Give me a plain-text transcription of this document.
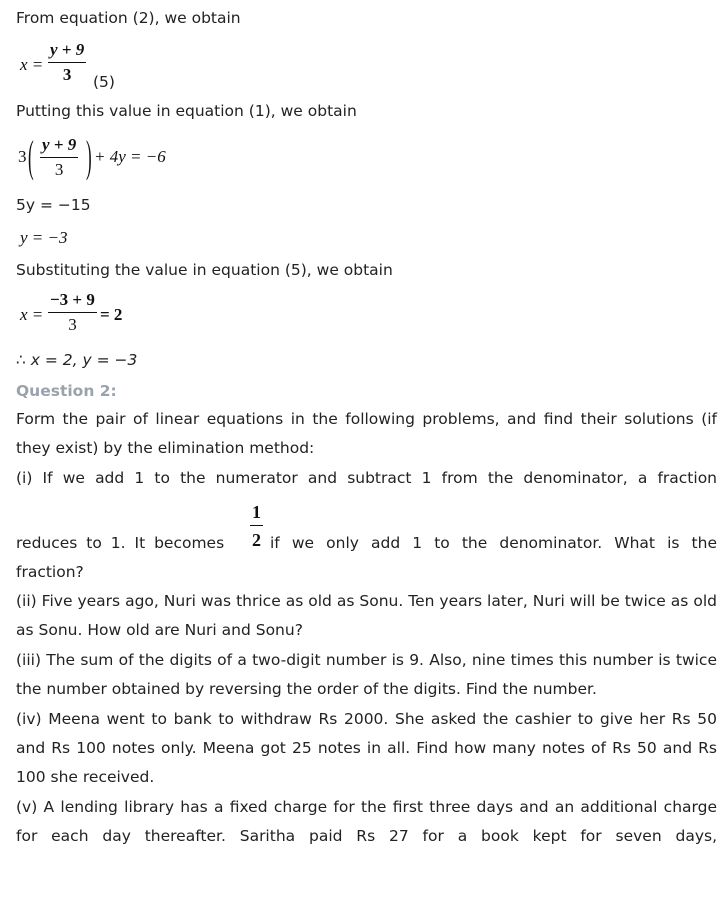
From equation (2), we obtain
$x = \frac{y + 9}{3} (5)$
Putting this value in equation (1), we obtain
3 ( $\frac{y + 9}{3}$ ) + 4y = −6
5y = −15
y = −3
Substituting the value in equation (5), we obtain
$x = \frac{-3 + 9}{3} = 2$
∴ x = 2, y = −3
Question 2:
Form the pair of linear equations in the following problems, and find their solutions (if they exist) by the elimination method:
(i) If we add 1 to the numerator and subtract 1 from the denominator, a fraction
reduces to 1. It becomes $\frac{1}{2}$ if we only add 1 to the denominator. What is the
fraction?
(ii) Five years ago, Nuri was thrice as old as Sonu. Ten years later, Nuri will be twice as old as Sonu. How old are Nuri and Sonu?
(iii) The sum of the digits of a two-digit number is 9. Also, nine times this number is twice the number obtained by reversing the order of the digits. Find the number.
(iv) Meena went to bank to withdraw Rs 2000. She asked the cashier to give her Rs 50 and Rs 100 notes only. Meena got 25 notes in all. Find how many notes of Rs 50 and Rs 100 she received.
(v) A lending library has a fixed charge for the first three days and an additional charge for each day thereafter. Saritha paid Rs 27 for a book kept for seven days,
